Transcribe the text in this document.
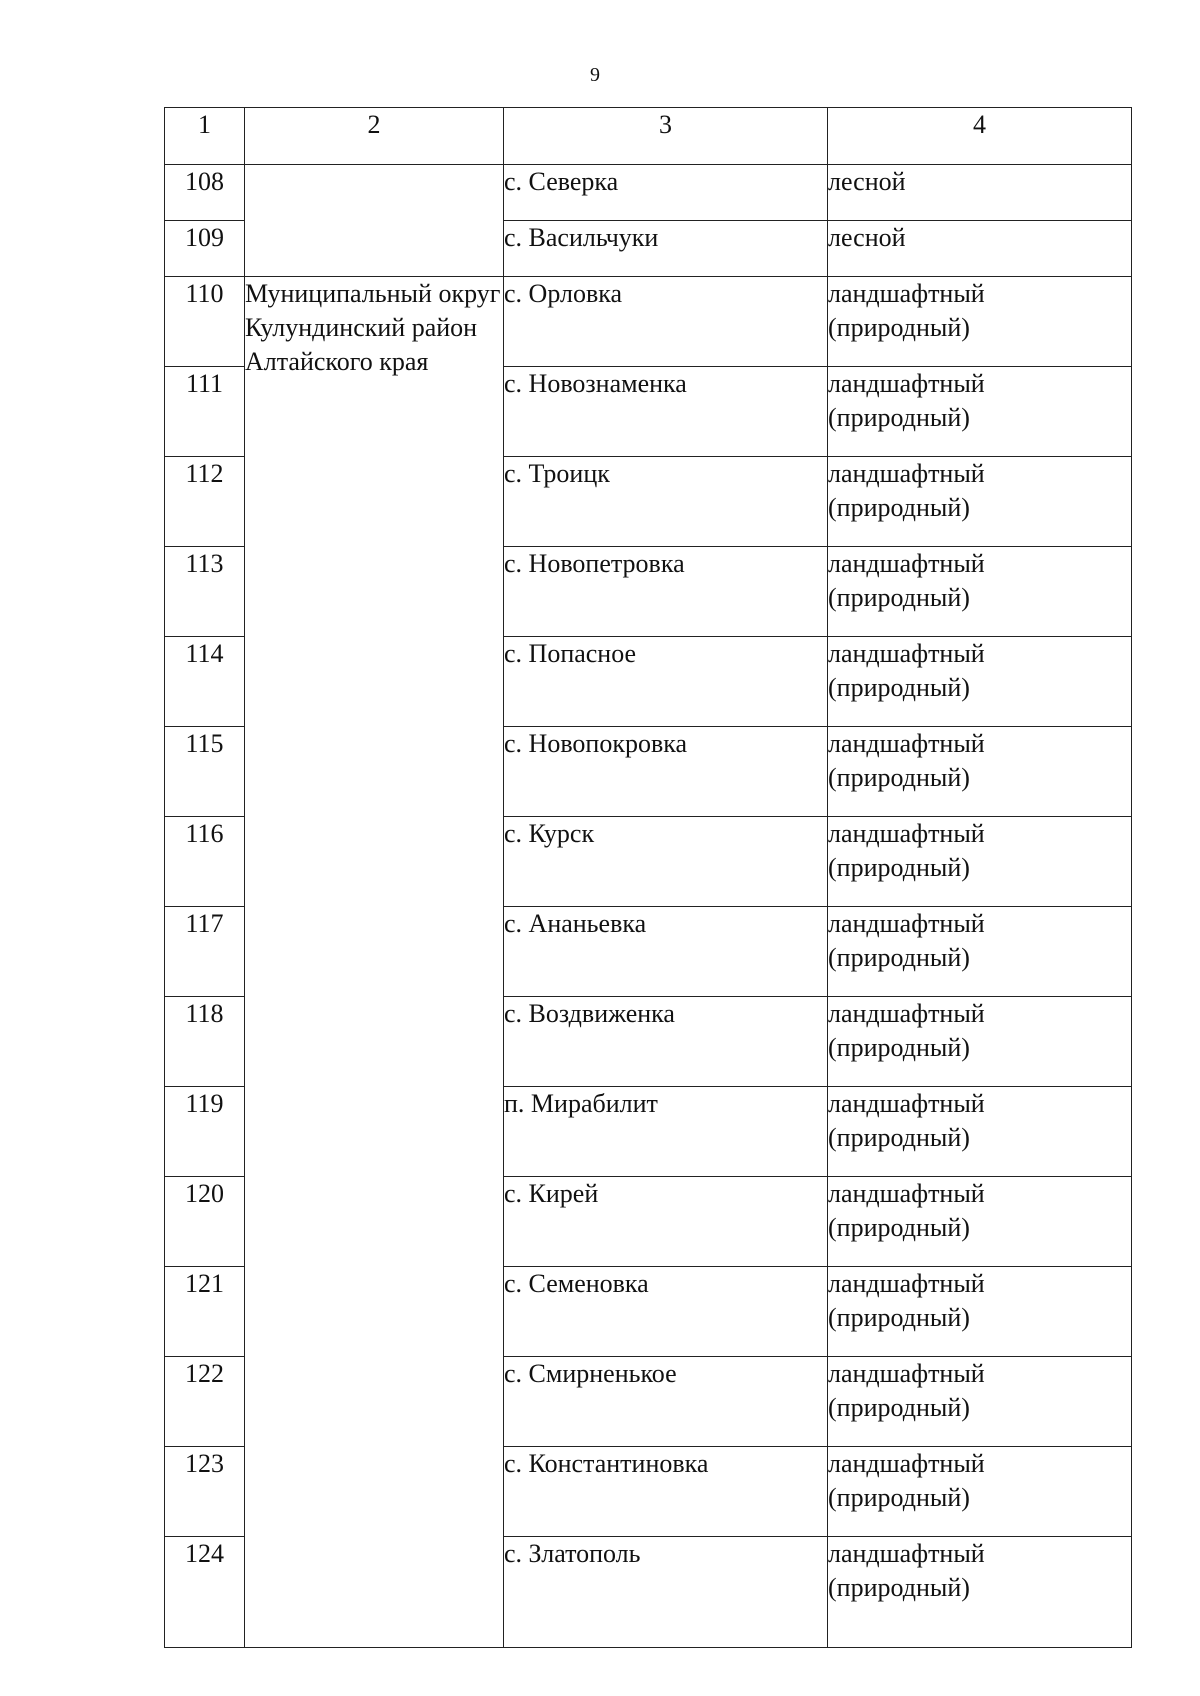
9
1	2	3	4
108		с. Северка	лесной
109		с. Васильчуки	лесной
110	Муниципальный округ Кулундинский район Алтайского края	с. Орловка	ландшафтный (природный)
111		с. Новознаменка	ландшафтный (природный)
112		с. Троицк	ландшафтный (природный)
113		с. Новопетровка	ландшафтный (природный)
114		с. Попасное	ландшафтный (природный)
115		с. Новопокровка	ландшафтный (природный)
116		с. Курск	ландшафтный (природный)
117		с. Ананьевка	ландшафтный (природный)
118		с. Воздвиженка	ландшафтный (природный)
119		п. Мирабилит	ландшафтный (природный)
120		с. Кирей	ландшафтный (природный)
121		с. Семеновка	ландшафтный (природный)
122		с. Смирненькое	ландшафтный (природный)
123		с. Константиновка	ландшафтный (природный)
124		с. Златополь	ландшафтный (природный)
